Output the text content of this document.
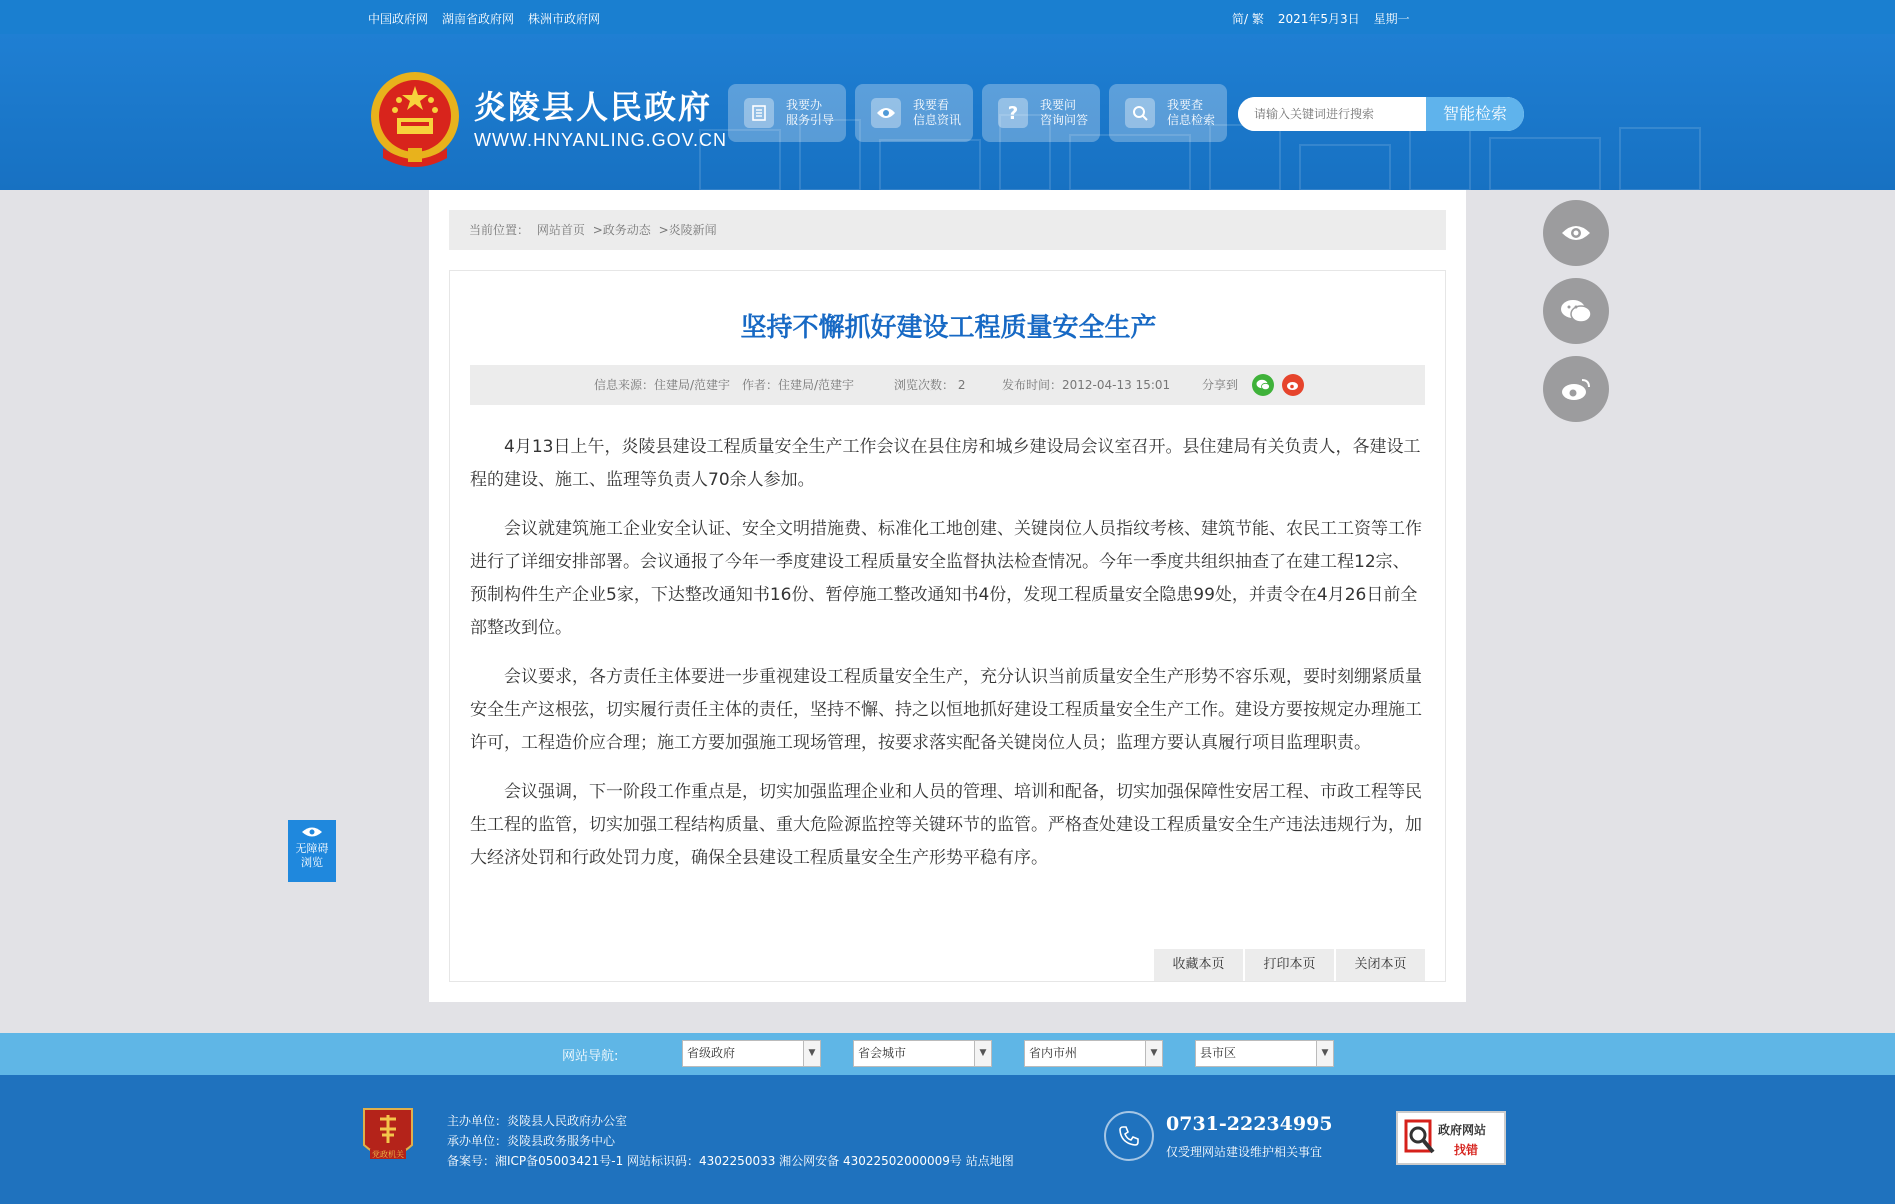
中国政府网 湖南省政府网 株洲市政府网	简/ 繁 2021年5月3日 星期一
炎陵县人民政府
WWW.HNYANLING.GOV.CN
我要办
服务引导
我要看
信息资讯	?	我要问
咨询问答
我要查
信息检索
请输入关键词进行搜索	智能检索
当前位置： 网站首页 >政务动态 >炎陵新闻
坚持不懈抓好建设工程质量安全生产
信息来源：住建局/范建宇 作者：住建局/范建宇	浏览次数： 2	发布时间：2012-04-13 15:01	分享到

4月13日上午，炎陵县建设工程质量安全生产工作会议在县住房和城乡建设局会议室召开。县住建局有关负责人，各建设工程的建设、施工、监理等负责人70余人参加。

会议就建筑施工企业安全认证、安全文明措施费、标准化工地创建、关键岗位人员指纹考核、建筑节能、农民工工资等工作进行了详细安排部署。会议通报了今年一季度建设工程质量安全监督执法检查情况。今年一季度共组织抽查了在建工程12宗、预制构件生产企业5家，下达整改通知书16份、暂停施工整改通知书4份，发现工程质量安全隐患99处，并责令在4月26日前全部整改到位。

会议要求，各方责任主体要进一步重视建设工程质量安全生产，充分认识当前质量安全生产形势不容乐观，要时刻绷紧质量安全生产这根弦，切实履行责任主体的责任，坚持不懈、持之以恒地抓好建设工程质量安全生产工作。建设方要按规定办理施工许可，工程造价应合理；施工方要加强施工现场管理，按要求落实配备关键岗位人员；监理方要认真履行项目监理职责。

会议强调，下一阶段工作重点是，切实加强监理企业和人员的管理、培训和配备，切实加强保障性安居工程、市政工程等民生工程的监管，切实加强工程结构质量、重大危险源监控等关键环节的监管。严格查处建设工程质量安全生产违法违规行为，加大经济处罚和行政处罚力度，确保全县建设工程质量安全生产形势平稳有序。

收藏本页	打印本页	关闭本页
无障碍
浏览
网站导航:	省级政府	▼	省会城市	▼	省内市州	▼	县市区	▼
党政机关
主办单位：炎陵县人民政府办公室
承办单位：炎陵县政务服务中心
备案号：湘ICP备05003421号-1 网站标识码：4302250033 湘公网安备 43022502000009号 站点地图
0731-22234995
仅受理网站建设维护相关事宜
政府网站
找错
